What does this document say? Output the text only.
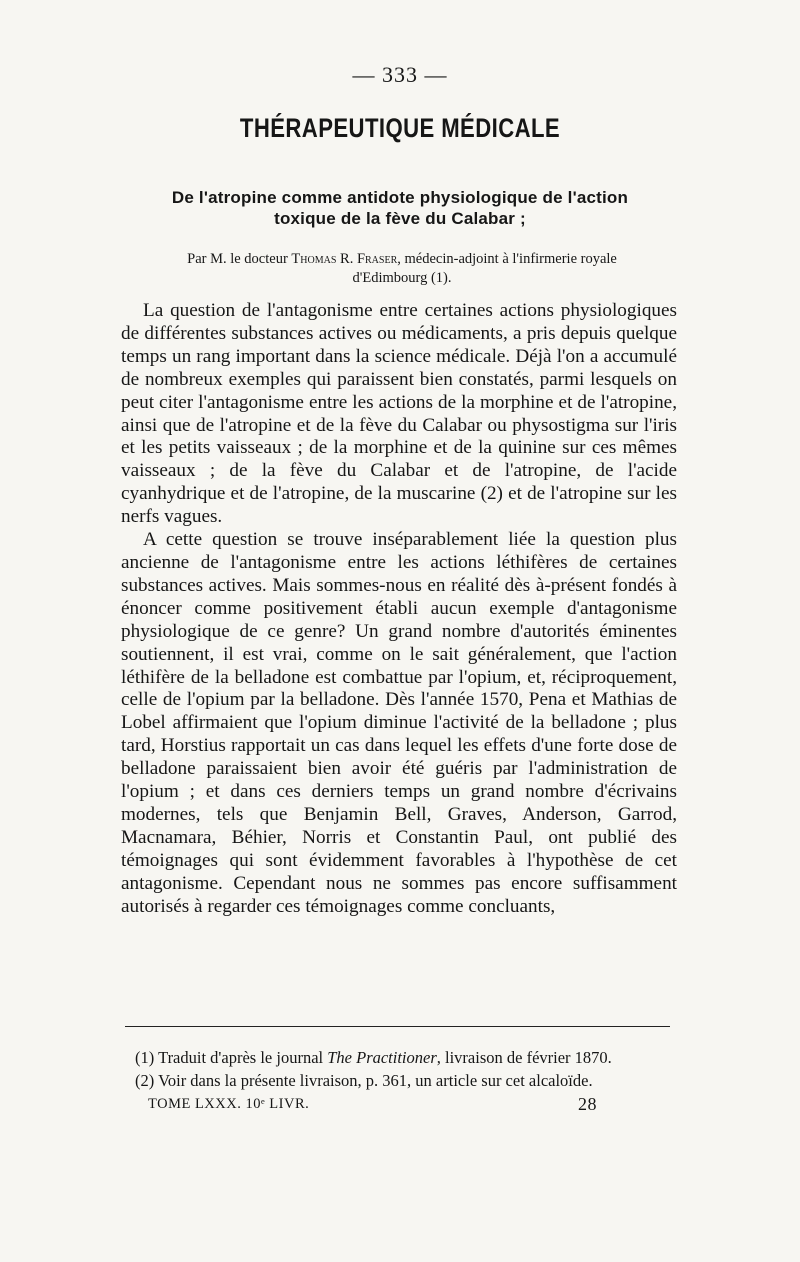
— 333 —
THÉRAPEUTIQUE MÉDICALE
De l'atropine comme antidote physiologique de l'action
toxique de la fève du Calabar ;
Par M. le docteur Thomas R. Fraser, médecin-adjoint à l'infirmerie royale
d'Edimbourg (1).

La question de l'antagonisme entre certaines actions physiologiques de différentes substances actives ou médicaments, a pris depuis quelque temps un rang important dans la science médicale. Déjà l'on a accumulé de nombreux exemples qui paraissent bien constatés, parmi lesquels on peut citer l'antagonisme entre les actions de la morphine et de l'atropine, ainsi que de l'atropine et de la fève du Calabar ou physostigma sur l'iris et les petits vaisseaux ; de la morphine et de la quinine sur ces mêmes vaisseaux ; de la fève du Calabar et de l'atropine, de l'acide cyanhydrique et de l'atropine, de la muscarine (2) et de l'atropine sur les nerfs vagues.

A cette question se trouve inséparablement liée la question plus ancienne de l'antagonisme entre les actions léthifères de certaines substances actives. Mais sommes-nous en réalité dès à-présent fondés à énoncer comme positivement établi aucun exemple d'antagonisme physiologique de ce genre? Un grand nombre d'autorités éminentes soutiennent, il est vrai, comme on le sait généralement, que l'action léthifère de la belladone est combattue par l'opium, et, réciproquement, celle de l'opium par la belladone. Dès l'année 1570, Pena et Mathias de Lobel affirmaient que l'opium diminue l'activité de la belladone ; plus tard, Horstius rapportait un cas dans lequel les effets d'une forte dose de belladone paraissaient bien avoir été guéris par l'administration de l'opium ; et dans ces derniers temps un grand nombre d'écrivains modernes, tels que Benjamin Bell, Graves, Anderson, Garrod, Macnamara, Béhier, Norris et Constantin Paul, ont publié des témoignages qui sont évidemment favorables à l'hypothèse de cet antagonisme. Cependant nous ne sommes pas encore suffisamment autorisés à regarder ces témoignages comme concluants,

(1) Traduit d'après le journal The Practitioner, livraison de février 1870.

(2) Voir dans la présente livraison, p. 361, un article sur cet alcaloïde.

TOME LXXX. 10ᵉ LIVR.	28
